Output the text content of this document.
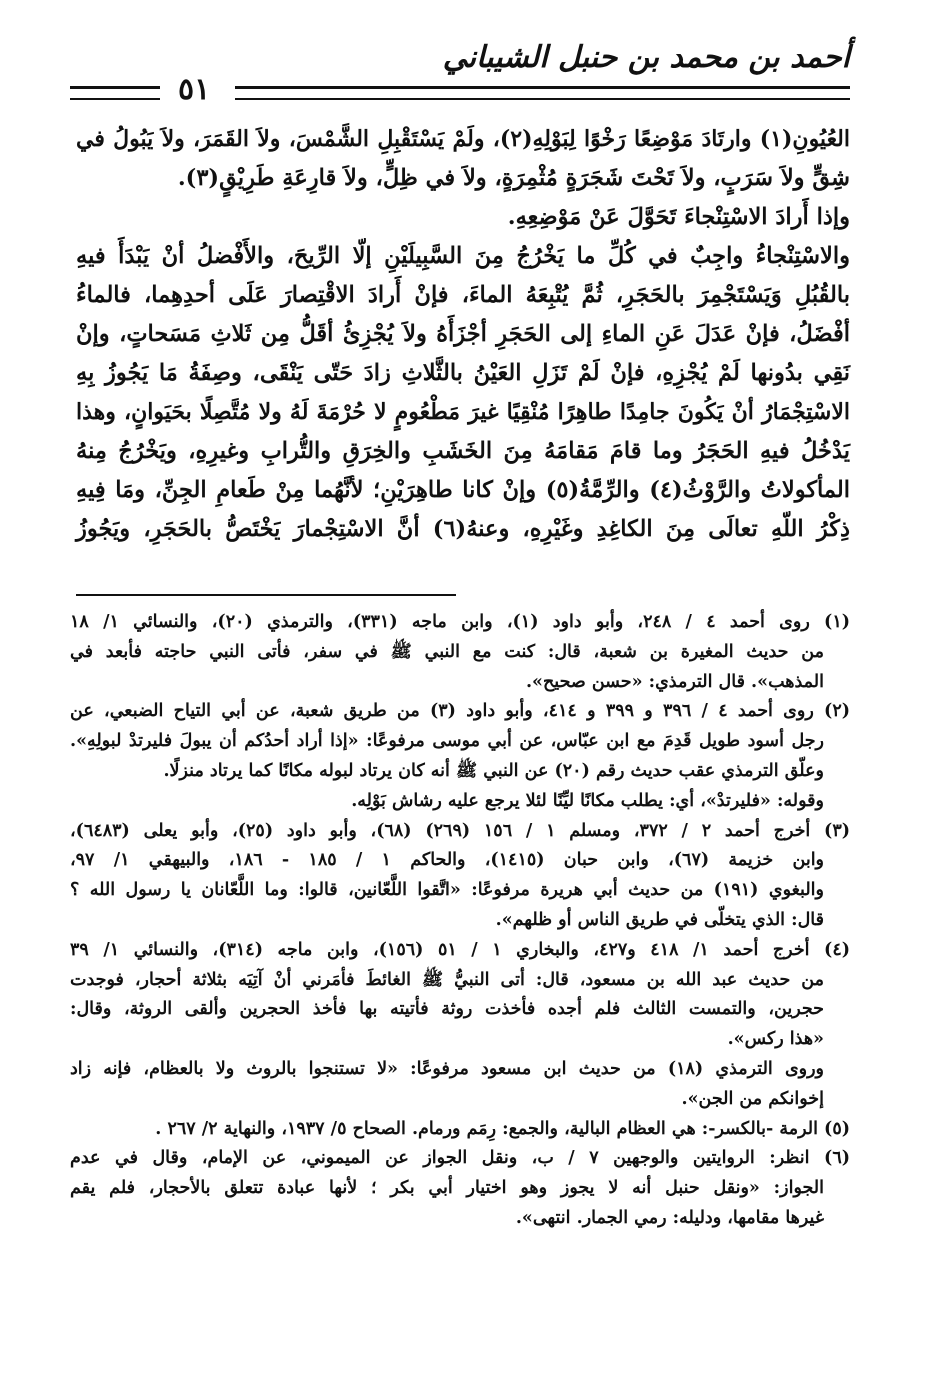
أحمد بن محمد بن حنبل الشيباني
٥١
العُيُونِ(١) وارتَادَ مَوْضِعًا رَخْوًا لِبَوْلِهِ(٢)، ولَمْ يَسْتَقْبِلِ الشَّمْسَ، ولاَ القَمَرَ، ولاَ يَبُولُ في
شِقٍّ ولاَ سَرَبٍ، ولاَ تَحْتَ شَجَرَةٍ مُثْمِرَةٍ، ولاَ في ظِلٍّ، ولاَ قارِعَةِ طَرِيْقٍ(٣).
وإذا أَرادَ الاسْتِنْجاءَ تَحَوَّلَ عَنْ مَوْضِعِهِ.
والاسْتِنْجاءُ واجِبٌ في كُلِّ ما يَخْرُجُ مِنَ السَّبِيلَيْنِ إلّا الرِّيحَ، والأَفْضلُ أنْ يَبْدَأَ فيهِ
بالقُبُلِ وَيَسْتَجْمِرَ بالحَجَرِ، ثُمَّ يُتْبِعَهُ الماءَ، فإنْ أَرادَ الاقْتِصارَ عَلَى أحدِهِما، فالماءُ
أفْضَلُ، فإنْ عَدَلَ عَنِ الماءِ إلى الحَجَرِ أجْزَأَهُ ولاَ يُجْزِئُ أقَلُّ مِن ثَلاثِ مَسَحاتٍ، وإنْ
نَقِي بدُونها لَمْ يُجْزِهِ، فإنْ لَمْ تَزَلِ العَيْنُ بالثَّلاثِ زادَ حَتّى يَنْقَى، وصِفَةُ مَا يَجُوزُ بِهِ
الاسْتِجْمَارُ أنْ يَكُونَ جامِدًا طاهِرًا مُنْقِيًا غيرَ مَطْعُومٍ لا حُرْمَةَ لَهُ ولا مُتَّصِلًا بحَيَوانٍ، وهذا
يَدْخُلُ فيهِ الحَجَرُ وما قامَ مَقامَهُ مِنَ الخَشَبِ والخِرَقِ والتُّرابِ وغيرِهِ، ويَخْرُجُ مِنهُ
المأكولاتُ والرَّوْثُ(٤) والرِّمَّةُ(٥) وإنْ كانا طاهِرَيْنِ؛ لأنَّهُما مِنْ طَعامِ الجِنِّ، ومَا فِيهِ
ذِكْرُ اللّهِ تعالَى مِنَ الكاغِدِ وغَيْرِهِ، وعنهُ(٦) أنَّ الاسْتِجْمارَ يَخْتَصُّ بالحَجَرِ، ويَجُوزُ
(١) روى أحمد ٤ / ٢٤٨، وأبو داود (١)، وابن ماجه (٣٣١)، والترمذي (٢٠)، والنسائي ١/ ١٨
من حديث المغيرة بن شعبة، قال: كنت مع النبي ﷺ في سفر، فأتى النبي حاجته فأبعد في
المذهب». قال الترمذي: «حسن صحيح».
(٢) روى أحمد ٤ / ٣٩٦ و ٣٩٩ و ٤١٤، وأبو داود (٣) من طريق شعبة، عن أبي التياح الضبعي، عن
رجل أسود طويل قَدِمَ مع ابن عبّاس، عن أبي موسى مرفوعًا: «إذا أراد أحدُكم أن يبولَ فليرتدْ لبولِهِ».
وعلّق الترمذي عقب حديث رقم (٢٠) عن النبي ﷺ أنه كان يرتاد لبوله مكانًا كما يرتاد منزلًا.
وقوله: «فليرتدْ»، أي: يطلب مكانًا ليِّنًا لئلا يرجع عليه رشاش بَوْلِه.
(٣) أخرج أحمد ٢ / ٣٧٢، ومسلم ١ / ١٥٦ (٢٦٩) (٦٨)، وأبو داود (٢٥)، وأبو يعلى (٦٤٨٣)،
وابن خزيمة (٦٧)، وابن حبان (١٤١٥)، والحاكم ١ / ١٨٥ - ١٨٦، والبيهقي ١/ ٩٧،
والبغوي (١٩١) من حديث أبي هريرة مرفوعًا: «اتَّقوا اللَّعّانين، قالوا: وما اللَّعّانان يا رسول الله ؟
قال: الذي يتخلّى في طريق الناس أو ظلهم».
(٤) أخرج أحمد ١/ ٤١٨ و٤٢٧، والبخاري ١ / ٥١ (١٥٦)، وابن ماجه (٣١٤)، والنسائي ١/ ٣٩
من حديث عبد الله بن مسعود، قال: أتى النبيُّ ﷺ الغائطَ فأمَرني أنْ آتِيَه بثلاثة أحجار، فوجدت
حجرين، والتمست الثالث فلم أجده فأخذت روثة فأتيته بها فأخذ الحجرين وألقى الروثة، وقال:
«هذا ركس».
وروى الترمذي (١٨) من حديث ابن مسعود مرفوعًا: «لا تستنجوا بالروث ولا بالعظام، فإنه زاد
إخوانكم من الجن».
(٥) الرمة -بالكسر-: هي العظام البالية، والجمع: رِمَم ورمام. الصحاح ٥/ ١٩٣٧، والنهاية ٢/ ٢٦٧ .
(٦) انظر: الروايتين والوجهين ٧ / ب، ونقل الجواز عن الميموني، عن الإمام، وقال في عدم
الجواز: «ونقل حنبل أنه لا يجوز وهو اختيار أبي بكر ؛ لأنها عبادة تتعلق بالأحجار، فلم يقم
غيرها مقامها، ودليله: رمي الجمار. انتهى».
